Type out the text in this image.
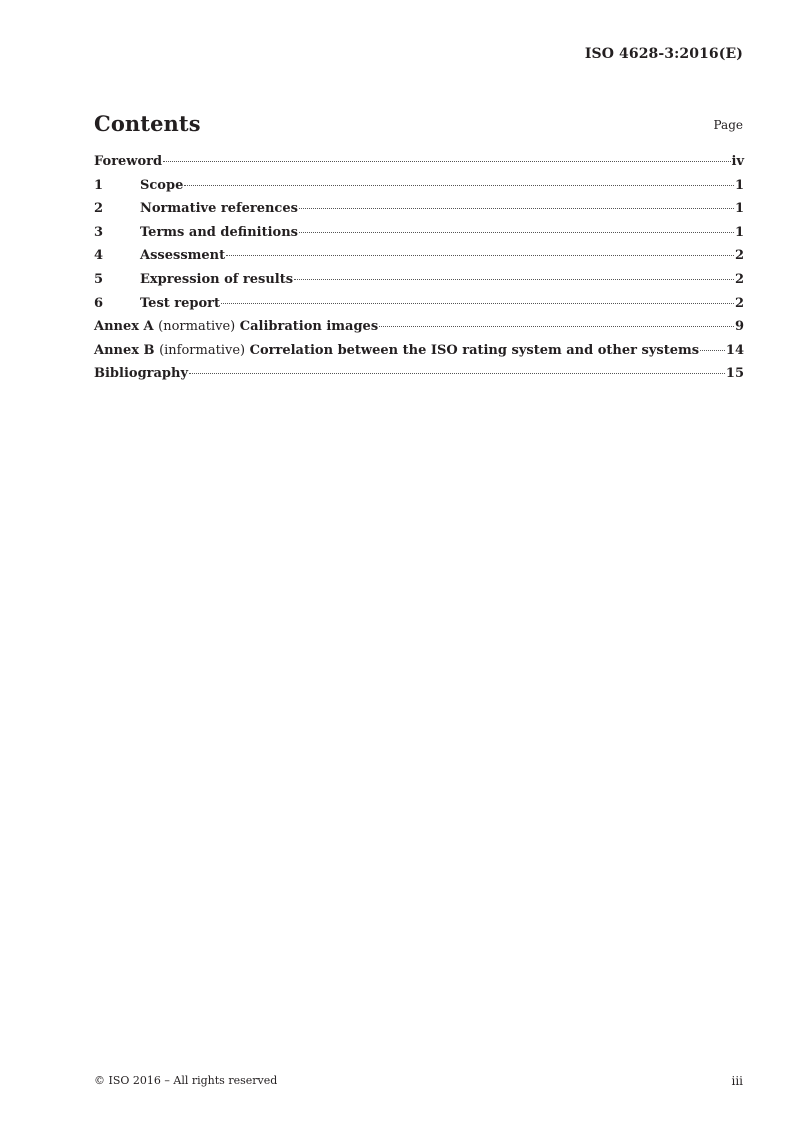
ISO 4628-3:2016(E)
Contents	Page
Foreword	iv
1	Scope	1
2	Normative references	1
3	Terms and definitions	1
4	Assessment	2
5	Expression of results	2
6	Test report	2
Annex A (normative) Calibration images	9
Annex B (informative) Correlation between the ISO rating system and other systems 14
Bibliography	15
© ISO 2016 – All rights reserved	iii
